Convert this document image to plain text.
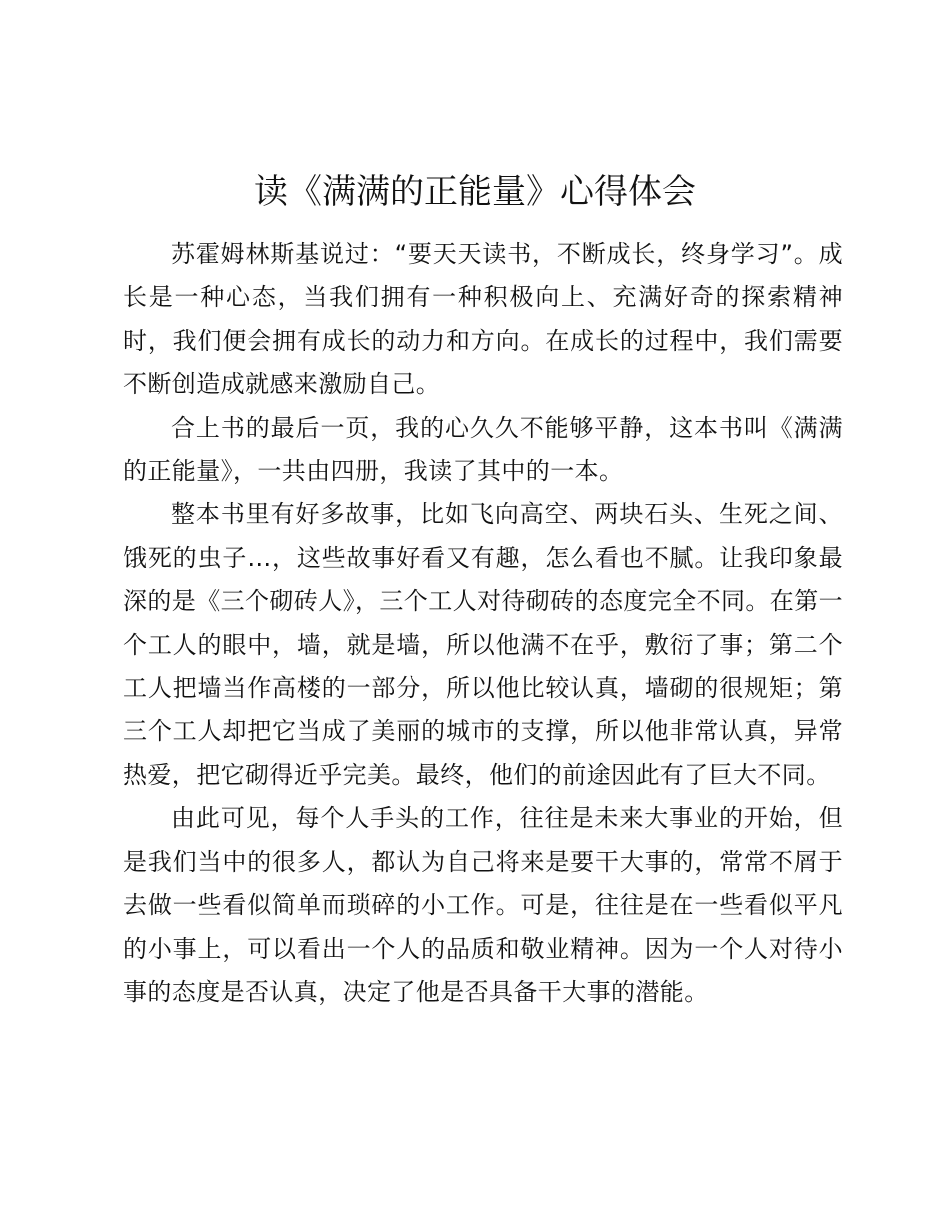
读《满满的正能量》心得体会

苏霍姆林斯基说过：“要天天读书，不断成长，终身学习”。成长是一种心态，当我们拥有一种积极向上、充满好奇的探索精神时，我们便会拥有成长的动力和方向。在成长的过程中，我们需要不断创造成就感来激励自己。

合上书的最后一页，我的心久久不能够平静，这本书叫《满满的正能量》，一共由四册，我读了其中的一本。

整本书里有好多故事，比如飞向高空、两块石头、生死之间、饿死的虫子…，这些故事好看又有趣，怎么看也不腻。让我印象最深的是《三个砌砖人》，三个工人对待砌砖的态度完全不同。在第一个工人的眼中，墙，就是墙，所以他满不在乎，敷衍了事；第二个工人把墙当作高楼的一部分，所以他比较认真，墙砌的很规矩；第三个工人却把它当成了美丽的城市的支撑，所以他非常认真，异常热爱，把它砌得近乎完美。最终，他们的前途因此有了巨大不同。

由此可见，每个人手头的工作，往往是未来大事业的开始，但是我们当中的很多人，都认为自己将来是要干大事的，常常不屑于去做一些看似简单而琐碎的小工作。可是，往往是在一些看似平凡的小事上，可以看出一个人的品质和敬业精神。因为一个人对待小事的态度是否认真，决定了他是否具备干大事的潜能。
